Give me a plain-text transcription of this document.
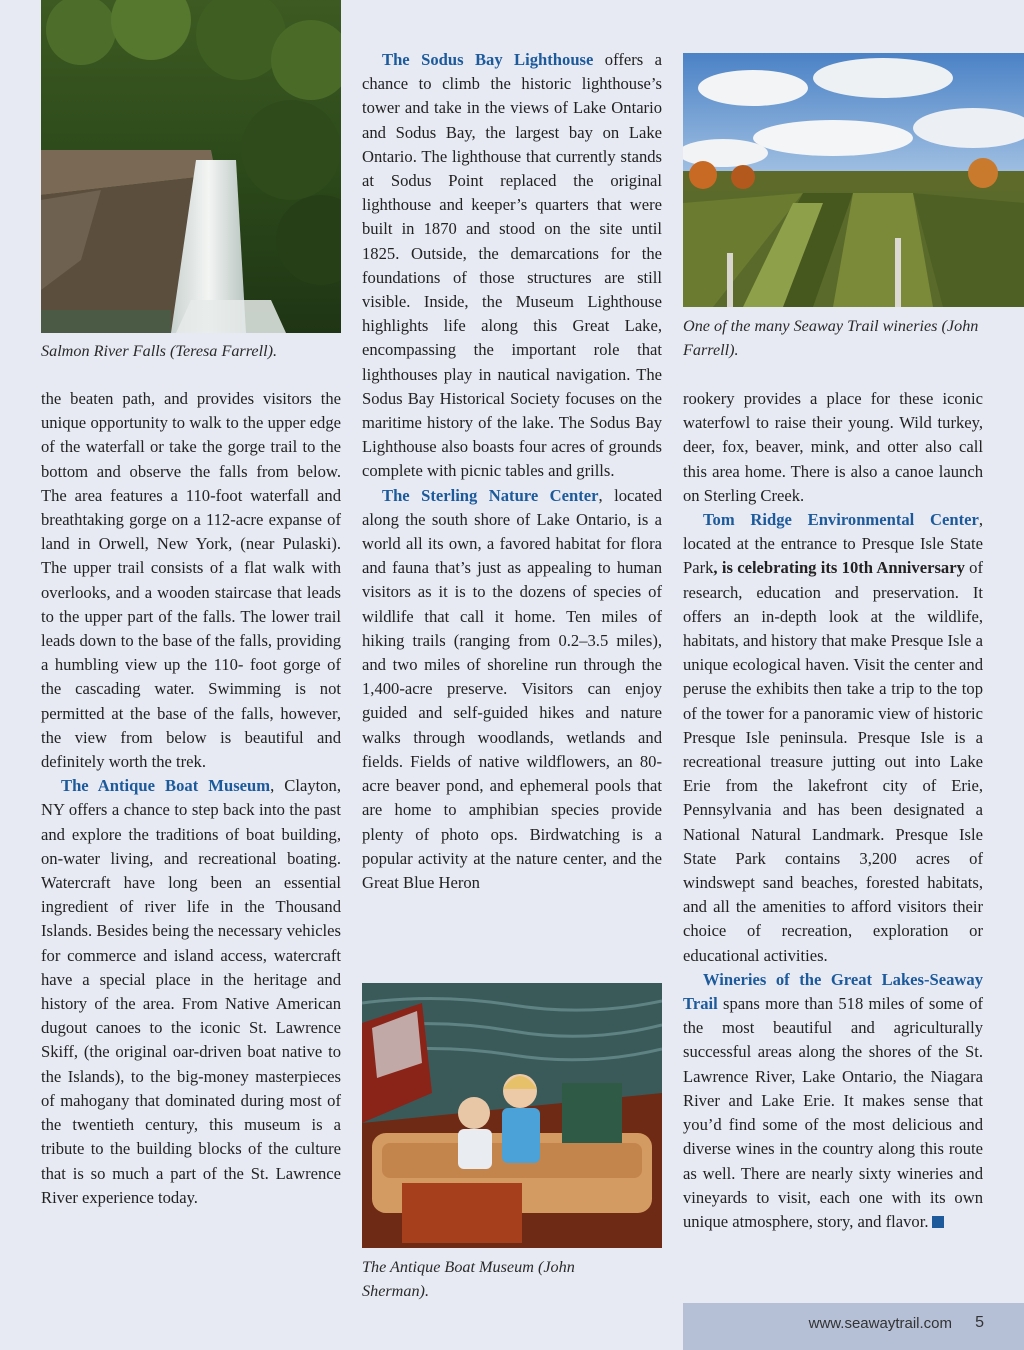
Salmon River Falls (Teresa Farrell).
One of the many Seaway Trail wineries (John Farrell).
The Antique Boat Museum (John Sherman).

the beaten path, and provides visitors the unique opportunity to walk to the upper edge of the waterfall or take the gorge trail to the bottom and observe the falls from below. The area features a 110-foot waterfall and breathtaking gorge on a 112-acre expanse of land in Orwell, New York, (near Pulaski). The upper trail consists of a flat walk with overlooks, and a wooden staircase that leads to the upper part of the falls. The lower trail leads down to the base of the falls, providing a humbling view up the 110- foot gorge of the cascading water. Swimming is not permitted at the base of the falls, however, the view from below is beautiful and definitely worth the trek.

The Antique Boat Museum, Clayton, NY offers a chance to step back into the past and explore the traditions of boat building, on-water living, and recreational boating. Watercraft have long been an essential ingredient of river life in the Thousand Islands. Besides being the necessary vehicles for commerce and island access, watercraft have a special place in the heritage and history of the area. From Native American dugout canoes to the iconic St. Lawrence Skiff, (the original oar-driven boat native to the Islands), to the big-money masterpieces of mahogany that dominated during most of the twentieth century, this museum is a tribute to the building blocks of the culture that is so much a part of the St. Lawrence River experience today.

The Sodus Bay Lighthouse offers a chance to climb the historic lighthouse’s tower and take in the views of Lake Ontario and Sodus Bay, the largest bay on Lake Ontario. The lighthouse that currently stands at Sodus Point replaced the original lighthouse and keeper’s quarters that were built in 1870 and stood on the site until 1825. Outside, the demarcations for the foundations of those structures are still visible. Inside, the Museum Lighthouse highlights life along this Great Lake, encompassing the important role that lighthouses play in nautical navigation. The Sodus Bay Historical Society focuses on the maritime history of the lake. The Sodus Bay Lighthouse also boasts four acres of grounds complete with picnic tables and grills.

The Sterling Nature Center, located along the south shore of Lake Ontario, is a world all its own, a favored habitat for flora and fauna that’s just as appealing to human visitors as it is to the dozens of species of wildlife that call it home. Ten miles of hiking trails (ranging from 0.2–3.5 miles), and two miles of shoreline run through the 1,400-acre preserve. Visitors can enjoy guided and self-guided hikes and nature walks through woodlands, wetlands and fields. Fields of native wildflowers, an 80-acre beaver pond, and ephemeral pools that are home to amphibian species provide plenty of photo ops. Birdwatching is a popular activity at the nature center, and the Great Blue Heron

rookery provides a place for these iconic waterfowl to raise their young. Wild turkey, deer, fox, beaver, mink, and otter also call this area home. There is also a canoe launch on Sterling Creek.

Tom Ridge Environmental Center, located at the entrance to Presque Isle State Park, is celebrating its 10th Anniversary of research, education and preservation. It offers an in-depth look at the wildlife, habitats, and history that make Presque Isle a unique ecological haven. Visit the center and peruse the exhibits then take a trip to the top of the tower for a panoramic view of historic Presque Isle peninsula. Presque Isle is a recreational treasure jutting out into Lake Erie from the lakefront city of Erie, Pennsylvania and has been designated a National Natural Landmark. Presque Isle State Park contains 3,200 acres of windswept sand beaches, forested habitats, and all the amenities to afford visitors their choice of recreation, exploration or educational activities.

Wineries of the Great Lakes-Seaway Trail spans more than 518 miles of some of the most beautiful and agriculturally successful areas along the shores of the St. Lawrence River, Lake Ontario, the Niagara River and Lake Erie. It makes sense that you’d find some of the most delicious and diverse wines in the country along this route as well. There are nearly sixty wineries and vineyards to visit, each one with its own unique atmosphere, story, and flavor.

www.seawaytrail.com 5
